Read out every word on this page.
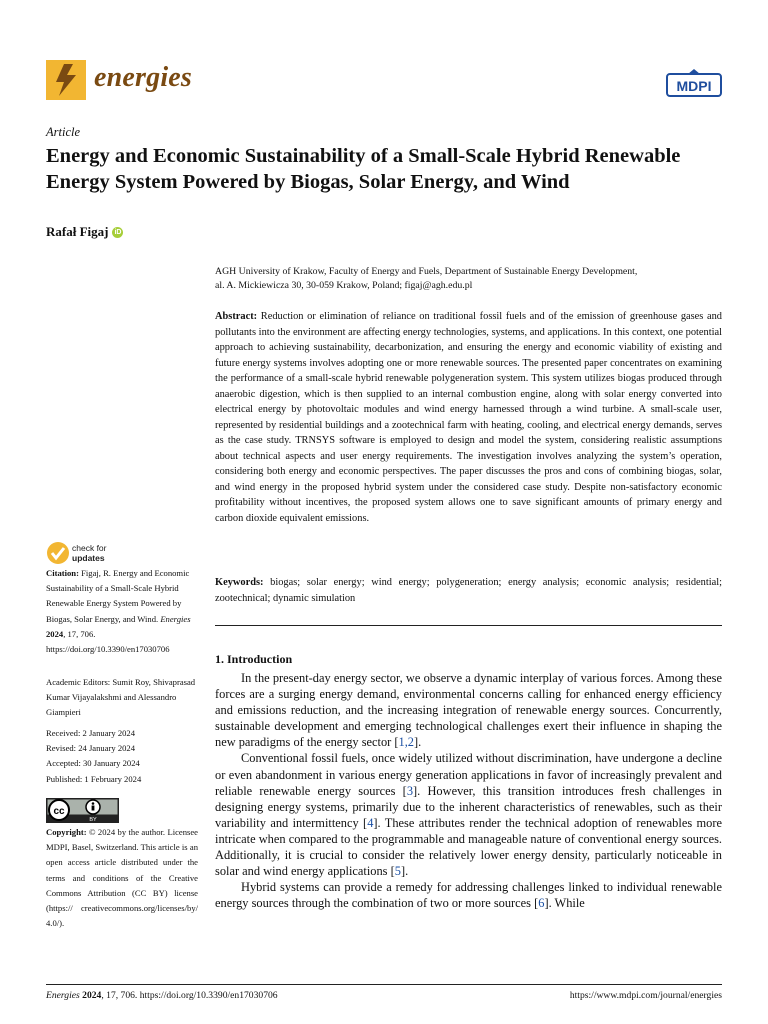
energies	MDPI
Article
Energy and Economic Sustainability of a Small-Scale Hybrid Renewable Energy System Powered by Biogas, Solar Energy, and Wind
Rafał Figaj iD
AGH University of Krakow, Faculty of Energy and Fuels, Department of Sustainable Energy Development,
al. A. Mickiewicza 30, 30-059 Krakow, Poland; figaj@agh.edu.pl
Abstract: Reduction or elimination of reliance on traditional fossil fuels and of the emission of greenhouse gases and pollutants into the environment are affecting energy technologies, systems, and applications. In this context, one potential approach to achieving sustainability, decarbonization, and ensuring the energy and economic viability of existing and future energy systems involves adopting one or more renewable sources. The presented paper concentrates on examining the performance of a small-scale hybrid renewable polygeneration system. This system utilizes biogas produced through anaerobic digestion, which is then supplied to an internal combustion engine, along with solar energy converted into electrical energy by photovoltaic modules and wind energy harnessed through a wind turbine. A small-scale user, represented by residential buildings and a zootechnical farm with heating, cooling, and electrical energy demands, serves as the case study. TRNSYS software is employed to design and model the system, considering realistic assumptions about technical aspects and user energy requirements. The investigation involves analyzing the system’s operation, considering both energy and economic perspectives. The paper discusses the pros and cons of combining biogas, solar, and wind energy in the proposed hybrid system under the considered case study. Despite non-satisfactory economic profitability without incentives, the proposed system allows one to save significant amounts of primary energy and carbon dioxide equivalent emissions.
Keywords: biogas; solar energy; wind energy; polygeneration; energy analysis; economic analysis; residential; zootechnical; dynamic simulation
1. Introduction

In the present-day energy sector, we observe a dynamic interplay of various forces. Among these forces are a surging energy demand, environmental concerns calling for enhanced energy efficiency and emissions reduction, and the increasing integration of renewable energy sources. Concurrently, sustainable development and emerging technological challenges exert their influence in shaping the new paradigms of the energy sector [1,2].

Conventional fossil fuels, once widely utilized without discrimination, have undergone a decline or even abandonment in various energy generation applications in favor of increasingly prevalent and reliable renewable energy sources [3]. However, this transition introduces fresh challenges in designing energy systems, primarily due to the inherent characteristics of renewables, such as their variability and intermittency [4]. These attributes render the technical adoption of renewables more intricate when compared to the programmable and manageable nature of conventional energy sources. Additionally, it is crucial to consider the relatively lower energy density, particularly noticeable in solar and wind energy applications [5].

Hybrid systems can provide a remedy for addressing challenges linked to individual renewable energy sources through the combination of two or more sources [6]. While

check for
updates
Citation: Figaj, R. Energy and Economic Sustainability of a Small-Scale Hybrid Renewable Energy System Powered by Biogas, Solar Energy, and Wind. Energies 2024, 17, 706. https://doi.org/10.3390/en17030706
Academic Editors: Sumit Roy, Shivaprasad Kumar Vijayalakshmi and Alessandro Giampieri
Received: 2 January 2024
Revised: 24 January 2024
Accepted: 30 January 2024
Published: 1 February 2024
cc
BY
Copyright: © 2024 by the author. Licensee MDPI, Basel, Switzerland. This article is an open access article distributed under the terms and conditions of the Creative Commons Attribution (CC BY) license (https:// creativecommons.org/licenses/by/ 4.0/).
Energies 2024, 17, 706. https://doi.org/10.3390/en17030706	https://www.mdpi.com/journal/energies
